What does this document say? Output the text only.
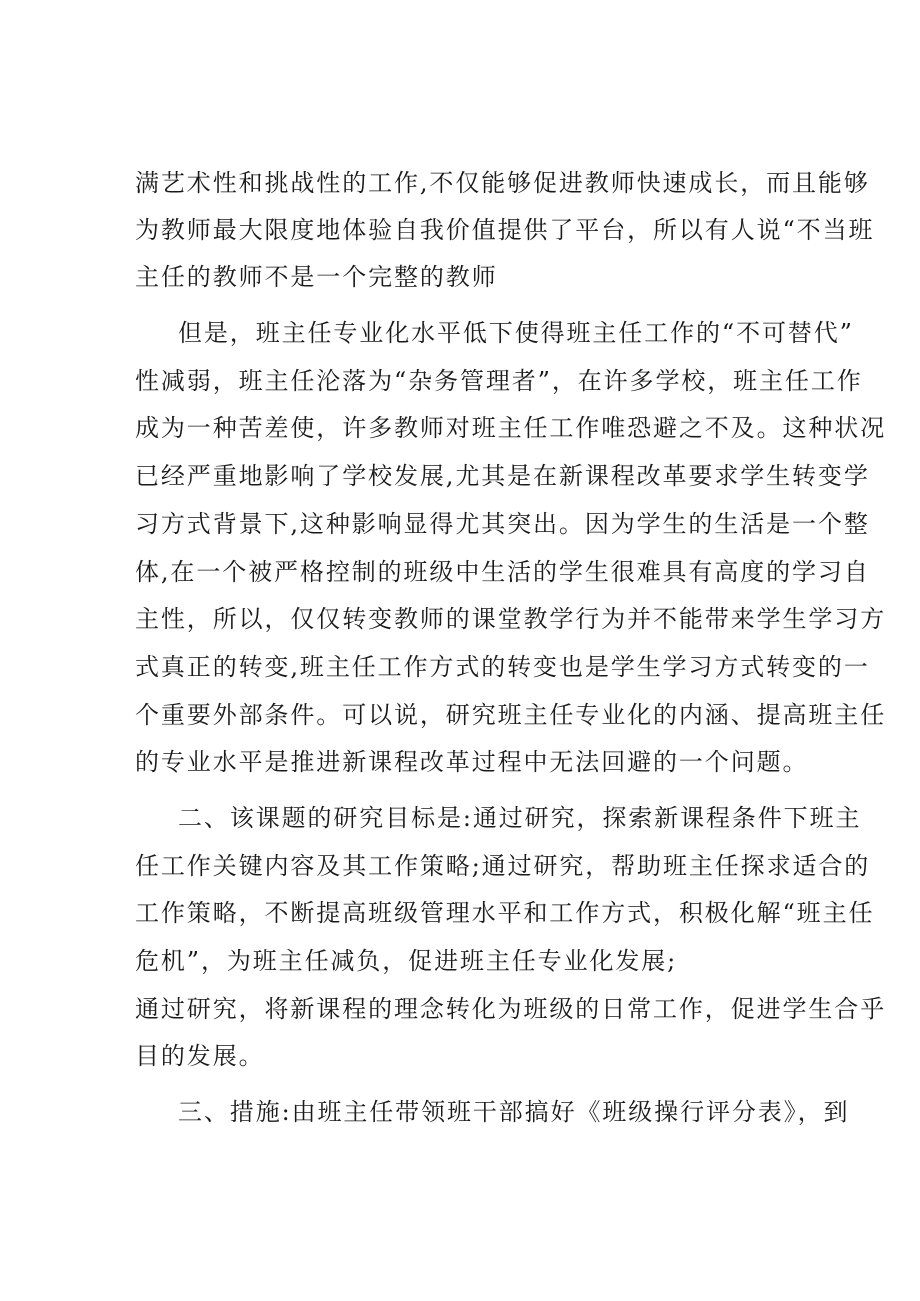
满艺术性和挑战性的工作,不仅能够促进教师快速成长，而且能够
为教师最大限度地体验自我价值提供了平台，所以有人说“不当班
主任的教师不是一个完整的教师
但是，班主任专业化水平低下使得班主任工作的“不可替代”
性减弱，班主任沦落为“杂务管理者”，在许多学校，班主任工作
成为一种苦差使，许多教师对班主任工作唯恐避之不及。这种状况
已经严重地影响了学校发展,尤其是在新课程改革要求学生转变学
习方式背景下,这种影响显得尤其突出。因为学生的生活是一个整
体,在一个被严格控制的班级中生活的学生很难具有高度的学习自
主性，所以，仅仅转变教师的课堂教学行为并不能带来学生学习方
式真正的转变,班主任工作方式的转变也是学生学习方式转变的一
个重要外部条件。可以说，研究班主任专业化的内涵、提高班主任
的专业水平是推进新课程改革过程中无法回避的一个问题。
二、该课题的研究目标是:通过研究，探索新课程条件下班主
任工作关键内容及其工作策略;通过研究，帮助班主任探求适合的
工作策略，不断提高班级管理水平和工作方式，积极化解“班主任
危机”，为班主任减负，促进班主任专业化发展;
通过研究，将新课程的理念转化为班级的日常工作，促进学生合乎
目的发展。
三、措施:由班主任带领班干部搞好《班级操行评分表》，到
